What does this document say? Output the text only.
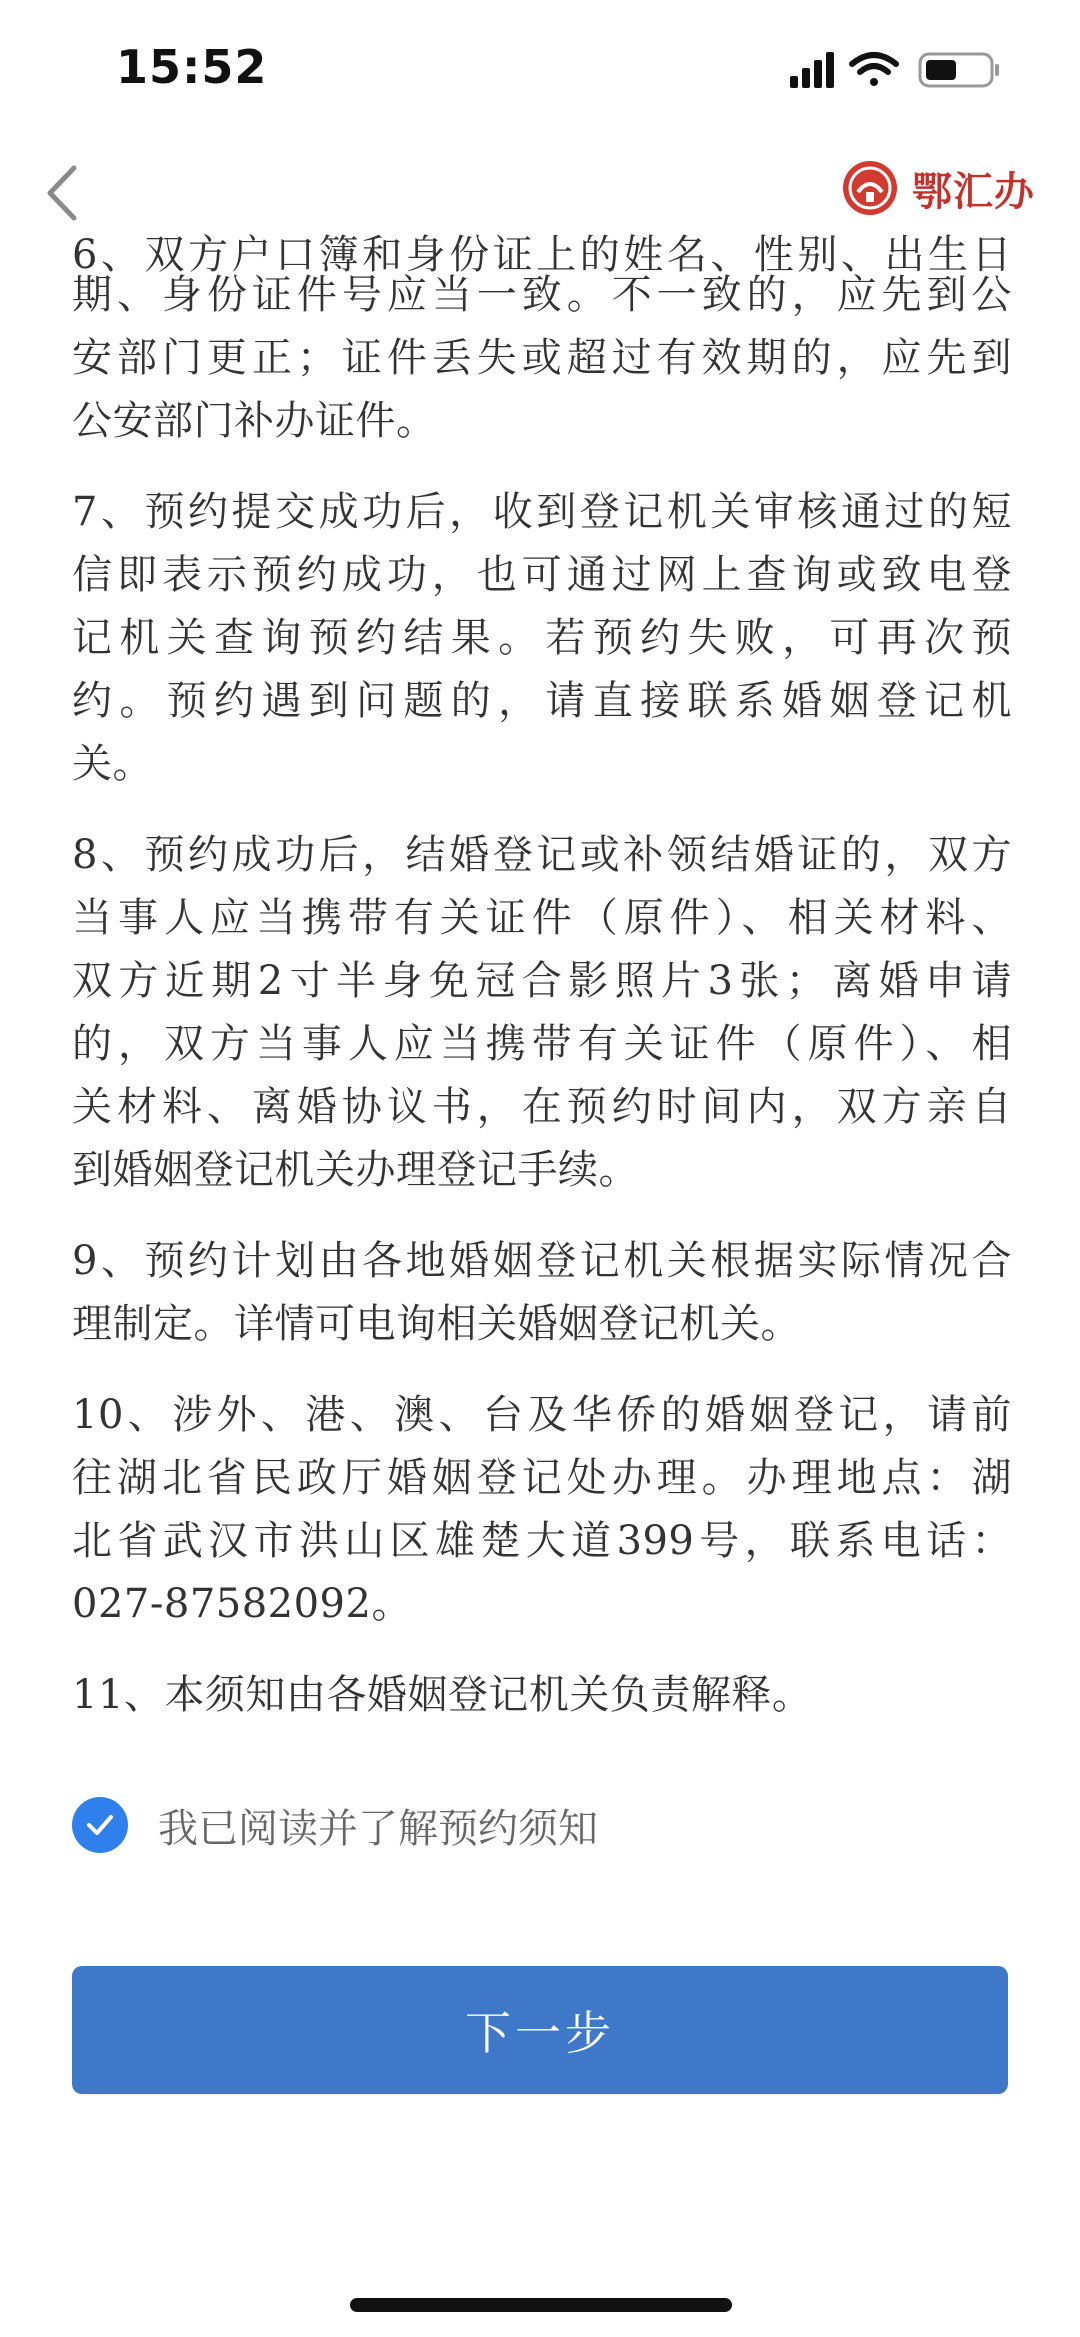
15:52
鄂汇办
6、双方户口簿和身份证上的姓名、性别、出生日
期、身份证件号应当一致。不一致的，应先到公
安部门更正；证件丢失或超过有效期的，应先到
公安部门补办证件。
7、预约提交成功后，收到登记机关审核通过的短
信即表示预约成功，也可通过网上查询或致电登
记机关查询预约结果。若预约失败，可再次预
约。预约遇到问题的，请直接联系婚姻登记机
关。
8、预约成功后，结婚登记或补领结婚证的，双方
当事人应当携带有关证件（原件）、相关材料、
双方近期2寸半身免冠合影照片3张；离婚申请
的，双方当事人应当携带有关证件（原件）、相
关材料、离婚协议书，在预约时间内，双方亲自
到婚姻登记机关办理登记手续。
9、预约计划由各地婚姻登记机关根据实际情况合
理制定。详情可电询相关婚姻登记机关。
10、涉外、港、澳、台及华侨的婚姻登记，请前
往湖北省民政厅婚姻登记处办理。办理地点：湖
北省武汉市洪山区雄楚大道399号，联系电话：
027-87582092。
11、本须知由各婚姻登记机关负责解释。
我已阅读并了解预约须知
下一步
